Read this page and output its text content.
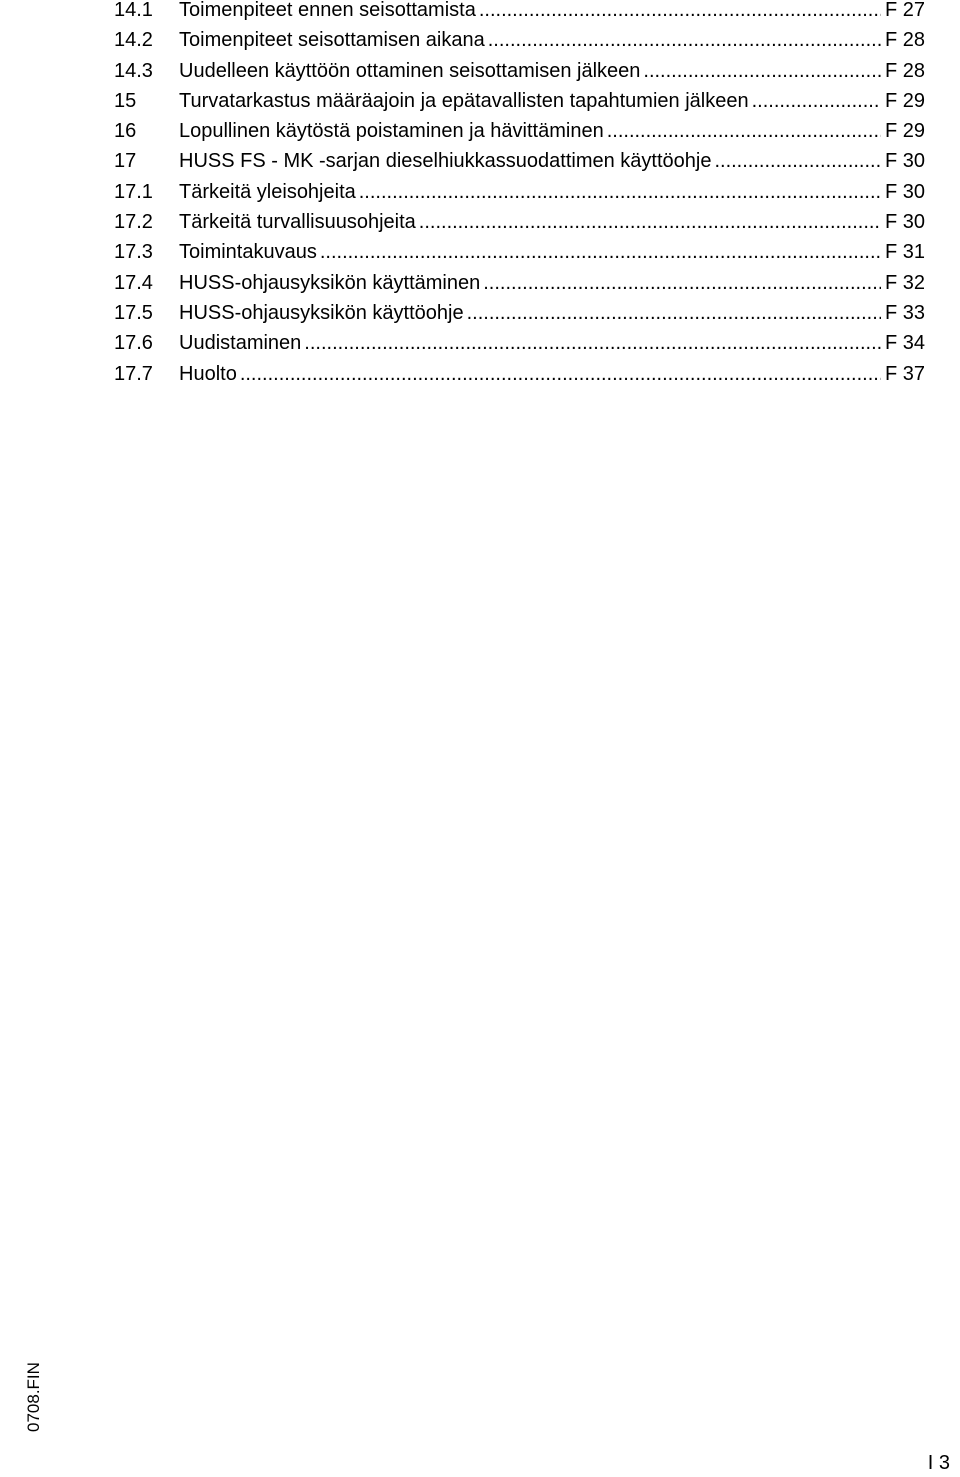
14.1	Toimenpiteet ennen seisottamista .....	F 27
14.2	Toimenpiteet seisottamisen aikana .....	F 28
14.3	Uudelleen käyttöön ottaminen seisottamisen jälkeen .....	F 28
15	Turvatarkastus määräajoin ja epätavallisten tapahtumien jälkeen .....	F 29
16	Lopullinen käytöstä poistaminen ja hävittäminen .....	F 29
17	HUSS FS - MK -sarjan dieselhiukkassuodattimen käyttöohje .....	F 30
17.1	Tärkeitä yleisohjeita .....	F 30
17.2	Tärkeitä turvallisuusohjeita .....	F 30
17.3	Toimintakuvaus .....	F 31
17.4	HUSS-ohjausyksikön käyttäminen .....	F 32
17.5	HUSS-ohjausyksikön käyttöohje .....	F 33
17.6	Uudistaminen .....	F 34
17.7	Huolto .....	F 37
0708.FIN
I 3
